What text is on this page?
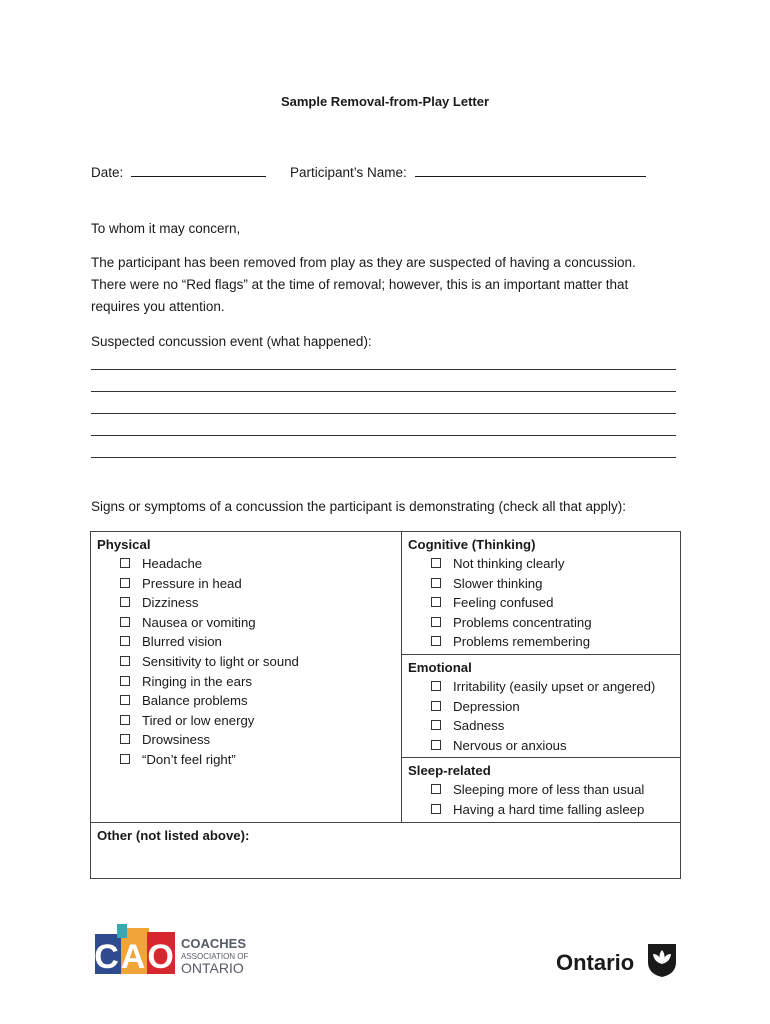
Sample Removal-from-Play Letter
Date:	Participant’s Name:
To whom it may concern,
The participant has been removed from play as they are suspected of having a concussion.
There were no “Red flags” at the time of removal; however, this is an important matter that
requires you attention.
Suspected concussion event (what happened):
Signs or symptoms of a concussion the participant is demonstrating (check all that apply):
Physical
Headache
Pressure in head
Dizziness
Nausea or vomiting
Blurred vision
Sensitivity to light or sound
Ringing in the ears
Balance problems
Tired or low energy
Drowsiness
“Don’t feel right”

Cognitive (Thinking)
Not thinking clearly
Slower thinking
Feeling confused
Problems concentrating
Problems remembering

Emotional
Irritability (easily upset or angered)
Depression
Sadness
Nervous or anxious

Sleep-related
Sleeping more of less than usual
Having a hard time falling asleep

Other (not listed above):
CAO COACHES
ASSOCIATION OF
ONTARIO	Ontario
